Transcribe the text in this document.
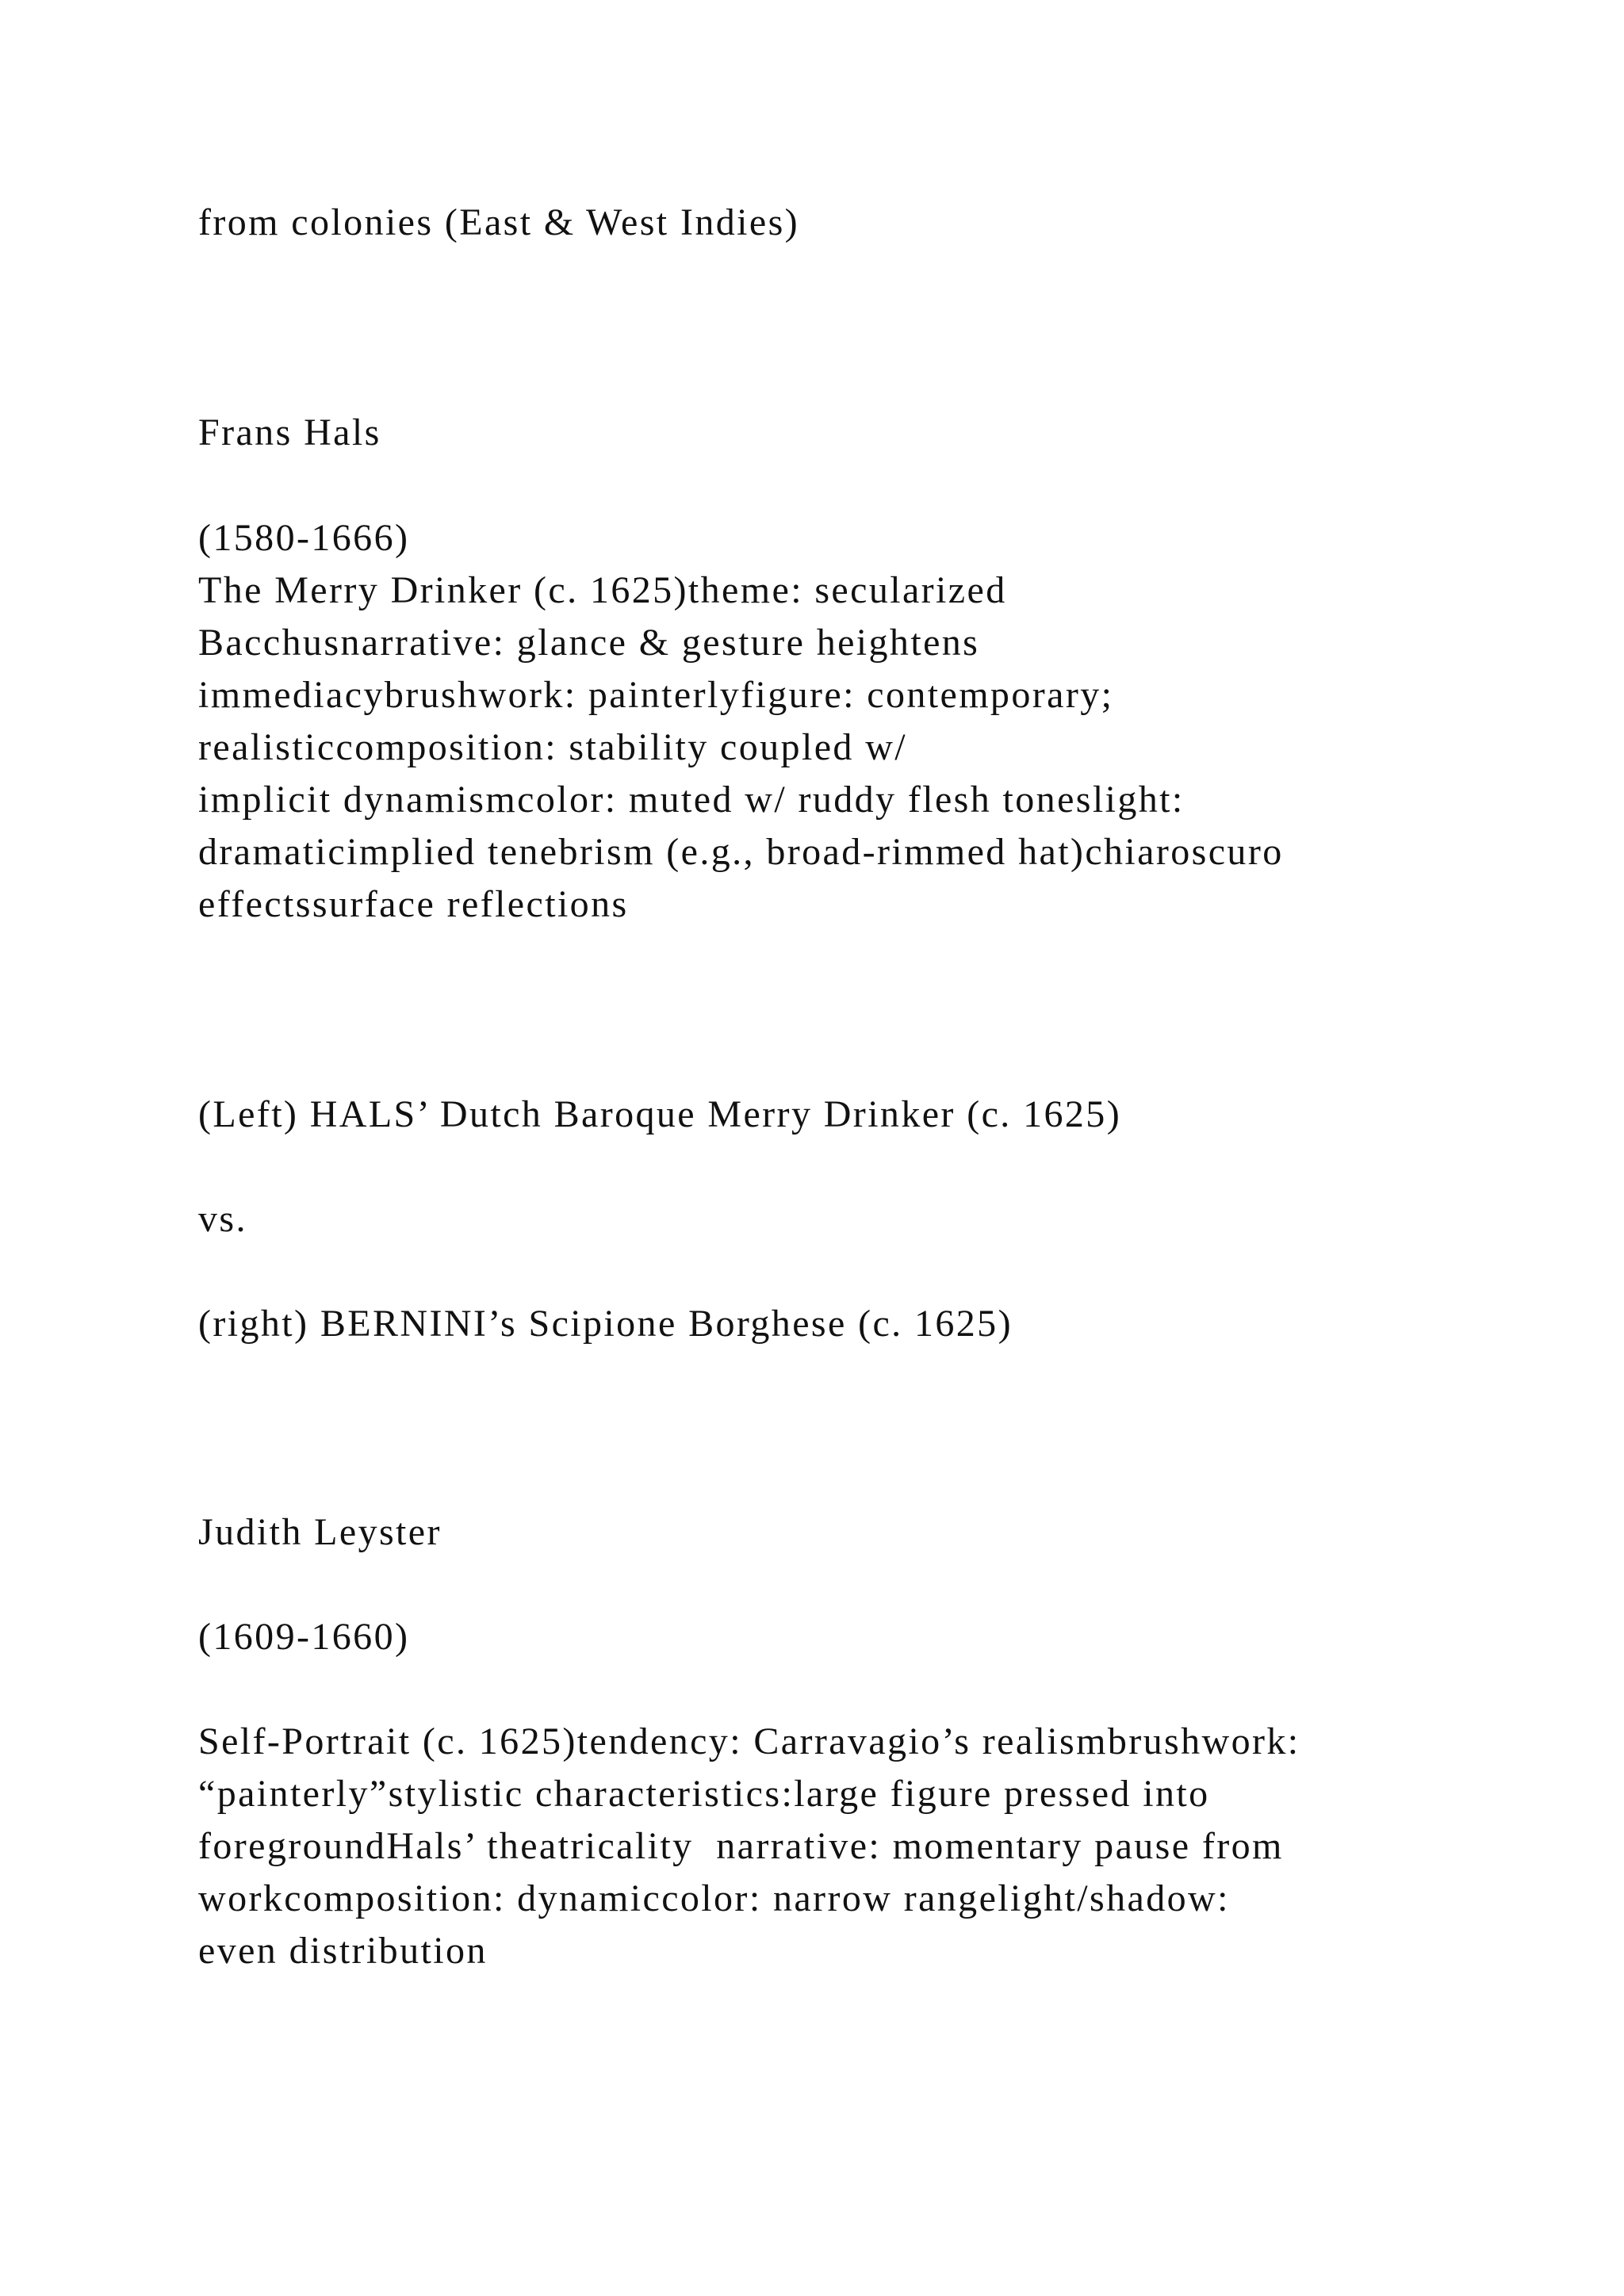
from colonies (East & West Indies)

Frans Hals

(1580-1666)

The Merry Drinker (c. 1625)theme: secularized

Bacchusnarrative: glance & gesture heightens

immediacybrushwork: painterlyfigure: contemporary;

realisticcomposition: stability coupled w/

implicit dynamismcolor: muted w/ ruddy flesh toneslight:

dramaticimplied tenebrism (e.g., broad-rimmed hat)chiaroscuro

effectssurface reflections

(Left) HALS’ Dutch Baroque Merry Drinker (c. 1625)

vs.

(right) BERNINI’s Scipione Borghese (c. 1625)

Judith Leyster

(1609-1660)

Self-Portrait (c. 1625)tendency: Carravagio’s realismbrushwork:

“painterly”stylistic characteristics:large figure pressed into

foregroundHals’ theatricality  narrative: momentary pause from

workcomposition: dynamiccolor: narrow rangelight/shadow:

even distribution
